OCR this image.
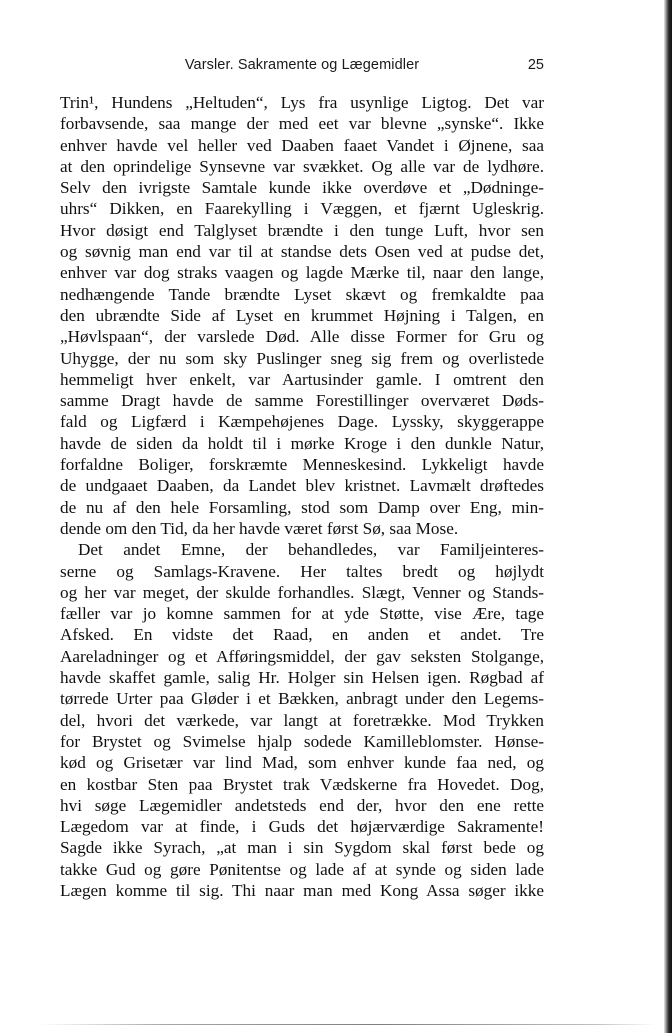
Varsler. Sakramente og Lægemidler	25
Trin¹, Hundens „Heltuden“, Lys fra usynlige Ligtog. Det var
forbavsende, saa mange der med eet var blevne „synske“. Ikke
enhver havde vel heller ved Daaben faaet Vandet i Øjnene, saa
at den oprindelige Synsevne var svækket. Og alle var de lydhøre.
Selv den ivrigste Samtale kunde ikke overdøve et „Dødninge-
uhrs“ Dikken, en Faarekylling i Væggen, et fjærnt Ugleskrig.
Hvor døsigt end Talglyset brændte i den tunge Luft, hvor sen
og søvnig man end var til at standse dets Osen ved at pudse det,
enhver var dog straks vaagen og lagde Mærke til, naar den lange,
nedhængende Tande brændte Lyset skævt og fremkaldte paa
den ubrændte Side af Lyset en krummet Højning i Talgen, en
„Høvlspaan“, der varslede Død. Alle disse Former for Gru og
Uhygge, der nu som sky Puslinger sneg sig frem og overlistede
hemmeligt hver enkelt, var Aartusinder gamle. I omtrent den
samme Dragt havde de samme Forestillinger overværet Døds-
fald og Ligfærd i Kæmpehøjenes Dage. Lyssky, skyggerappe
havde de siden da holdt til i mørke Kroge i den dunkle Natur,
forfaldne Boliger, forskræmte Menneskesind. Lykkeligt havde
de undgaaet Daaben, da Landet blev kristnet. Lavmælt drøftedes
de nu af den hele Forsamling, stod som Damp over Eng, min-
dende om den Tid, da her havde været først Sø, saa Mose.
Det andet Emne, der behandledes, var Familjeinteres-
serne og Samlags-Kravene. Her taltes bredt og højlydt
og her var meget, der skulde forhandles. Slægt, Venner og Stands-
fæller var jo komne sammen for at yde Støtte, vise Ære, tage
Afsked. En vidste det Raad, en anden et andet. Tre
Aareladninger og et Afføringsmiddel, der gav seksten Stolgange,
havde skaffet gamle, salig Hr. Holger sin Helsen igen. Røgbad af
tørrede Urter paa Gløder i et Bækken, anbragt under den Legems-
del, hvori det værkede, var langt at foretrække. Mod Trykken
for Brystet og Svimelse hjalp sodede Kamilleblomster. Hønse-
kød og Grisetær var lind Mad, som enhver kunde faa ned, og
en kostbar Sten paa Brystet trak Vædskerne fra Hovedet. Dog,
hvi søge Lægemidler andetsteds end der, hvor den ene rette
Lægedom var at finde, i Guds det højærværdige Sakramente!
Sagde ikke Syrach, „at man i sin Sygdom skal først bede og
takke Gud og gøre Pønitentse og lade af at synde og siden lade
Lægen komme til sig. Thi naar man med Kong Assa søger ikke
